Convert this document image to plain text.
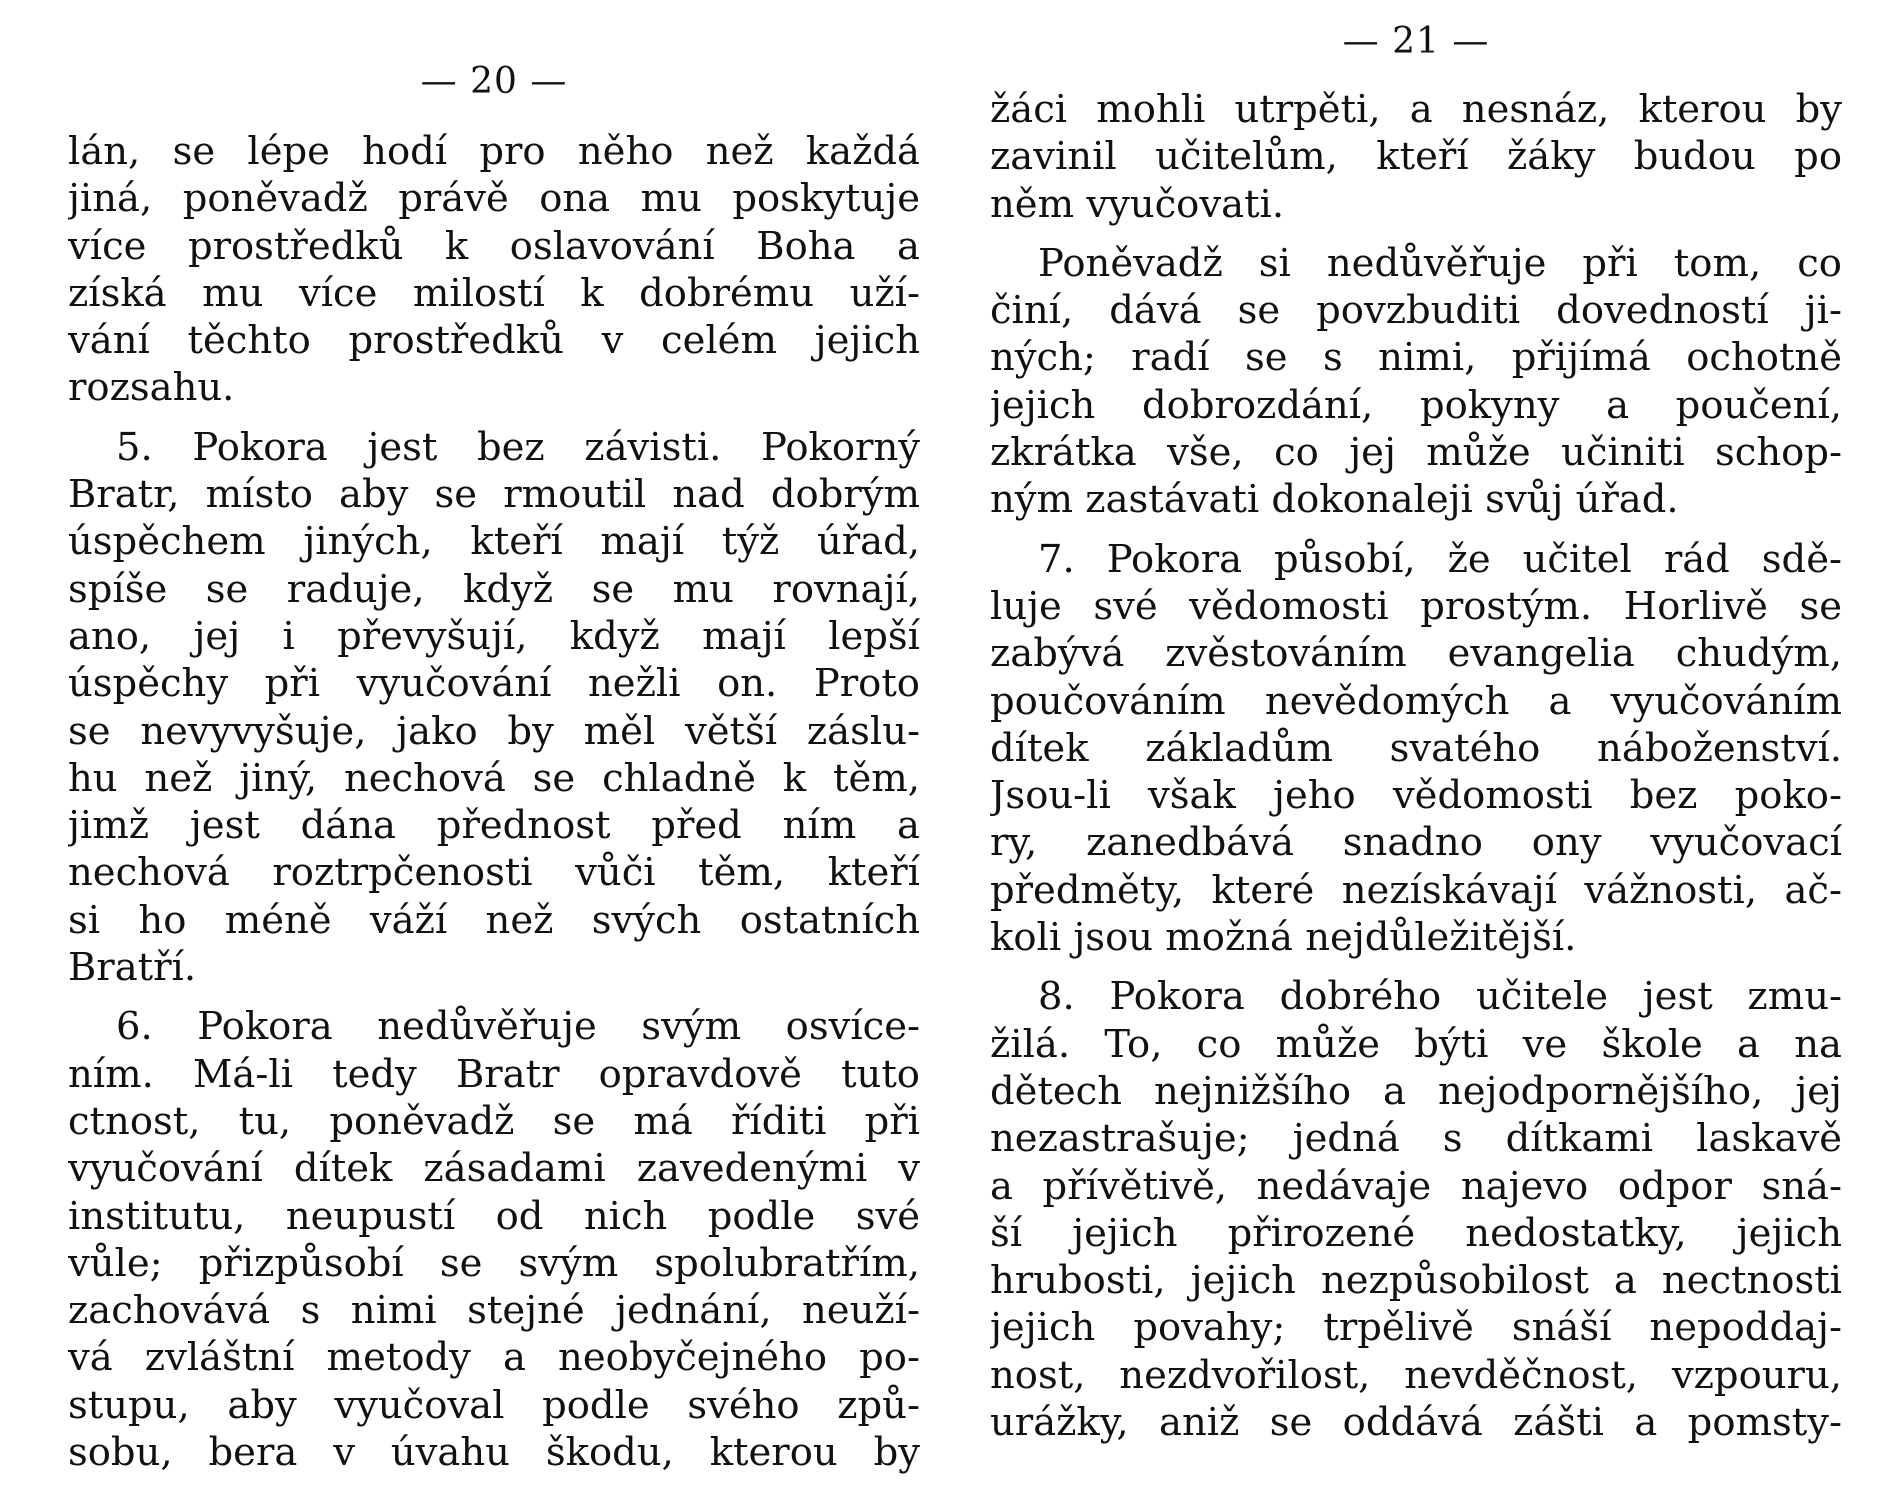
— 20 —
lán, se lépe hodí pro něho než každá
jiná, poněvadž právě ona mu poskytuje
více prostředků k oslavování Boha a
získá mu více milostí k dobrému uží-
vání těchto prostředků v celém jejich
rozsahu.
5. Pokora jest bez závisti. Pokorný
Bratr, místo aby se rmoutil nad dobrým
úspěchem jiných, kteří mají týž úřad,
spíše se raduje, když se mu rovnají,
ano, jej i převyšují, když mají lepší
úspěchy při vyučování nežli on. Proto
se nevyvyšuje, jako by měl větší záslu-
hu než jiný, nechová se chladně k těm,
jimž jest dána přednost před ním a
nechová roztrpčenosti vůči těm, kteří
si ho méně váží než svých ostatních
Bratří.
6. Pokora nedůvěřuje svým osvíce-
ním. Má-li tedy Bratr opravdově tuto
ctnost, tu, poněvadž se má říditi při
vyučování dítek zásadami zavedenými v
institutu, neupustí od nich podle své
vůle; přizpůsobí se svým spolubratřím,
zachovává s nimi stejné jednání, neuží-
vá zvláštní metody a neobyčejného po-
stupu, aby vyučoval podle svého způ-
sobu, bera v úvahu škodu, kterou by
— 21 —
žáci mohli utrpěti, a nesnáz, kterou by
zavinil učitelům, kteří žáky budou po
něm vyučovati.
Poněvadž si nedůvěřuje při tom, co
činí, dává se povzbuditi dovedností ji-
ných; radí se s nimi, přijímá ochotně
jejich dobrozdání, pokyny a poučení,
zkrátka vše, co jej může učiniti schop-
ným zastávati dokonaleji svůj úřad.
7. Pokora působí, že učitel rád sdě-
luje své vědomosti prostým. Horlivě se
zabývá zvěstováním evangelia chudým,
poučováním nevědomých a vyučováním
dítek základům svatého náboženství.
Jsou-li však jeho vědomosti bez poko-
ry, zanedbává snadno ony vyučovací
předměty, které nezískávají vážnosti, ač-
koli jsou možná nejdůležitější.
8. Pokora dobrého učitele jest zmu-
žilá. To, co může býti ve škole a na
dětech nejnižšího a nejodpornějšího, jej
nezastrašuje; jedná s dítkami laskavě
a přívětivě, nedávaje najevo odpor sná-
ší jejich přirozené nedostatky, jejich
hrubosti, jejich nezpůsobilost a nectnosti
jejich povahy; trpělivě snáší nepoddaj-
nost, nezdvořilost, nevděčnost, vzpouru,
urážky, aniž se oddává zášti a pomsty-
